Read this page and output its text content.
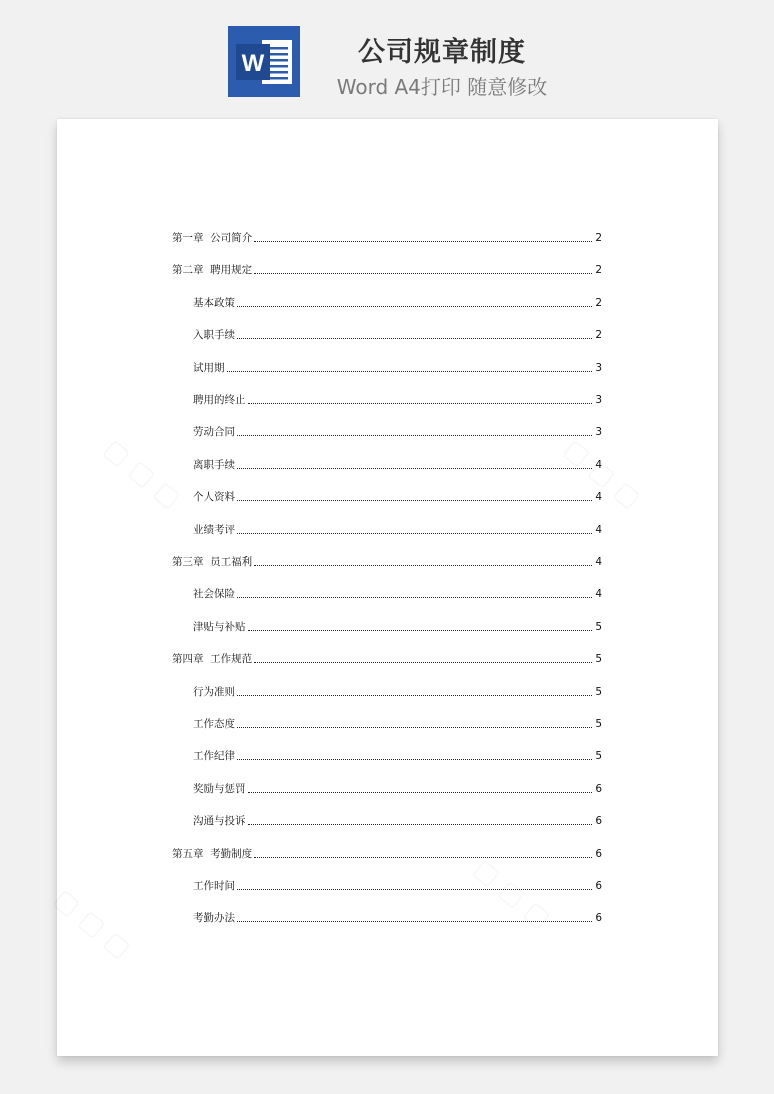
W	公司规章制度
Word A4打印 随意修改
第一章  公司简介	2
第二章  聘用规定	2
基本政策	2
入职手续	2
试用期	3
聘用的终止	3
劳动合同	3
离职手续	4
个人资料	4
业绩考评	4
第三章  员工福利	4
社会保险	4
津贴与补贴	5
第四章  工作规范	5
行为准则	5
工作态度	5
工作纪律	5
奖励与惩罚	6
沟通与投诉	6
第五章  考勤制度	6
工作时间	6
考勤办法	6
